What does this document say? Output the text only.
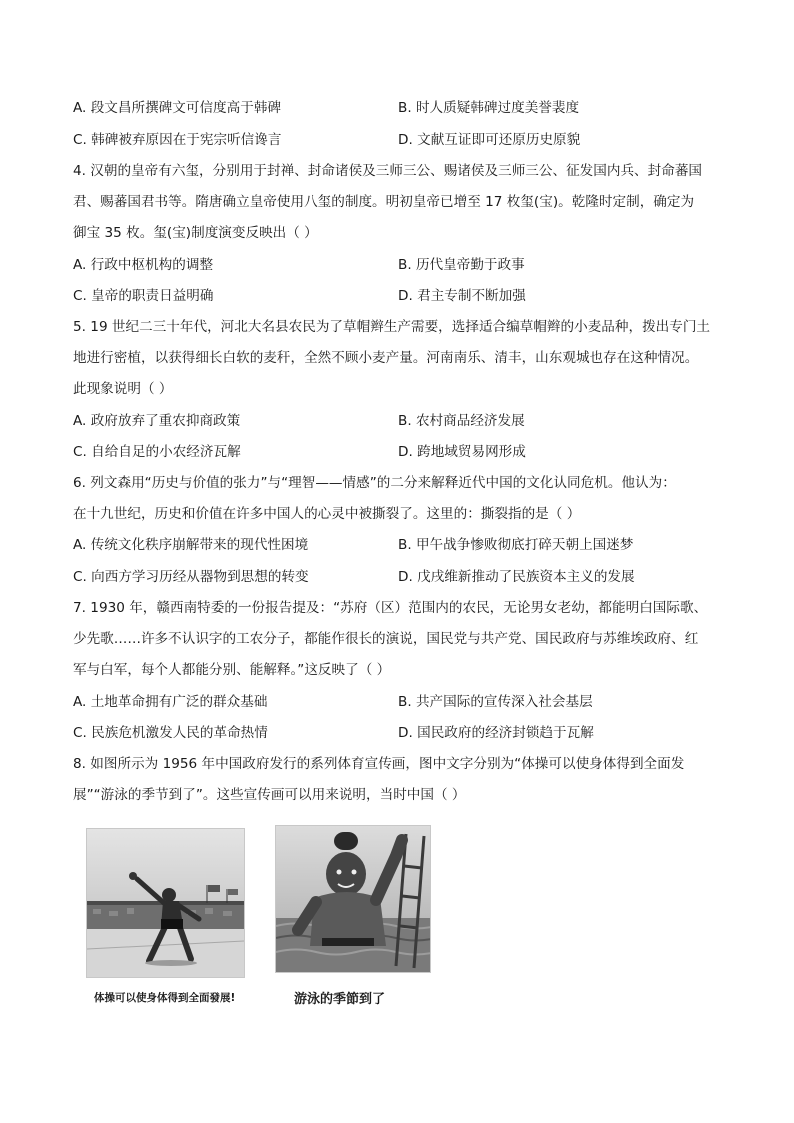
A. 段文昌所撰碑文可信度高于韩碑	B. 时人质疑韩碑过度美誉裴度
C. 韩碑被弃原因在于宪宗听信谗言	D. 文献互证即可还原历史原貌
4. 汉朝的皇帝有六玺，分别用于封禅、封命诸侯及三师三公、赐诸侯及三师三公、征发国内兵、封命蕃国
君、赐蕃国君书等。隋唐确立皇帝使用八玺的制度。明初皇帝已增至 17 枚玺(宝)。乾隆时定制，确定为
御宝 35 枚。玺(宝)制度演变反映出（ ）
A. 行政中枢机构的调整	B. 历代皇帝勤于政事
C. 皇帝的职责日益明确	D. 君主专制不断加强
5. 19 世纪二三十年代，河北大名县农民为了草帽辫生产需要，选择适合编草帽辫的小麦品种，拨出专门土
地进行密植，以获得细长白软的麦秆，全然不顾小麦产量。河南南乐、清丰，山东观城也存在这种情况。
此现象说明（ ）
A. 政府放弃了重农抑商政策	B. 农村商品经济发展
C. 自给自足的小农经济瓦解	D. 跨地域贸易网形成
6. 列文森用“历史与价值的张力”与“理智——情感”的二分来解释近代中国的文化认同危机。他认为：
在十九世纪，历史和价值在许多中国人的心灵中被撕裂了。这里的：撕裂指的是（ ）
A. 传统文化秩序崩解带来的现代性困境	B. 甲午战争惨败彻底打碎天朝上国迷梦
C. 向西方学习历经从器物到思想的转变	D. 戊戌维新推动了民族资本主义的发展
7. 1930 年，赣西南特委的一份报告提及：“苏府（区）范围内的农民，无论男女老幼，都能明白国际歌、
少先歌……许多不认识字的工农分子，都能作很长的演说，国民党与共产党、国民政府与苏维埃政府、红
军与白军，每个人都能分别、能解释。”这反映了（ ）
A. 土地革命拥有广泛的群众基础	B. 共产国际的宣传深入社会基层
C. 民族危机激发人民的革命热情	D. 国民政府的经济封锁趋于瓦解
8. 如图所示为 1956 年中国政府发行的系列体育宣传画，图中文字分别为“体操可以使身体得到全面发
展”“游泳的季节到了”。这些宣传画可以用来说明，当时中国（ ）
体操可以使身体得到全面發展!	游泳的季節到了
